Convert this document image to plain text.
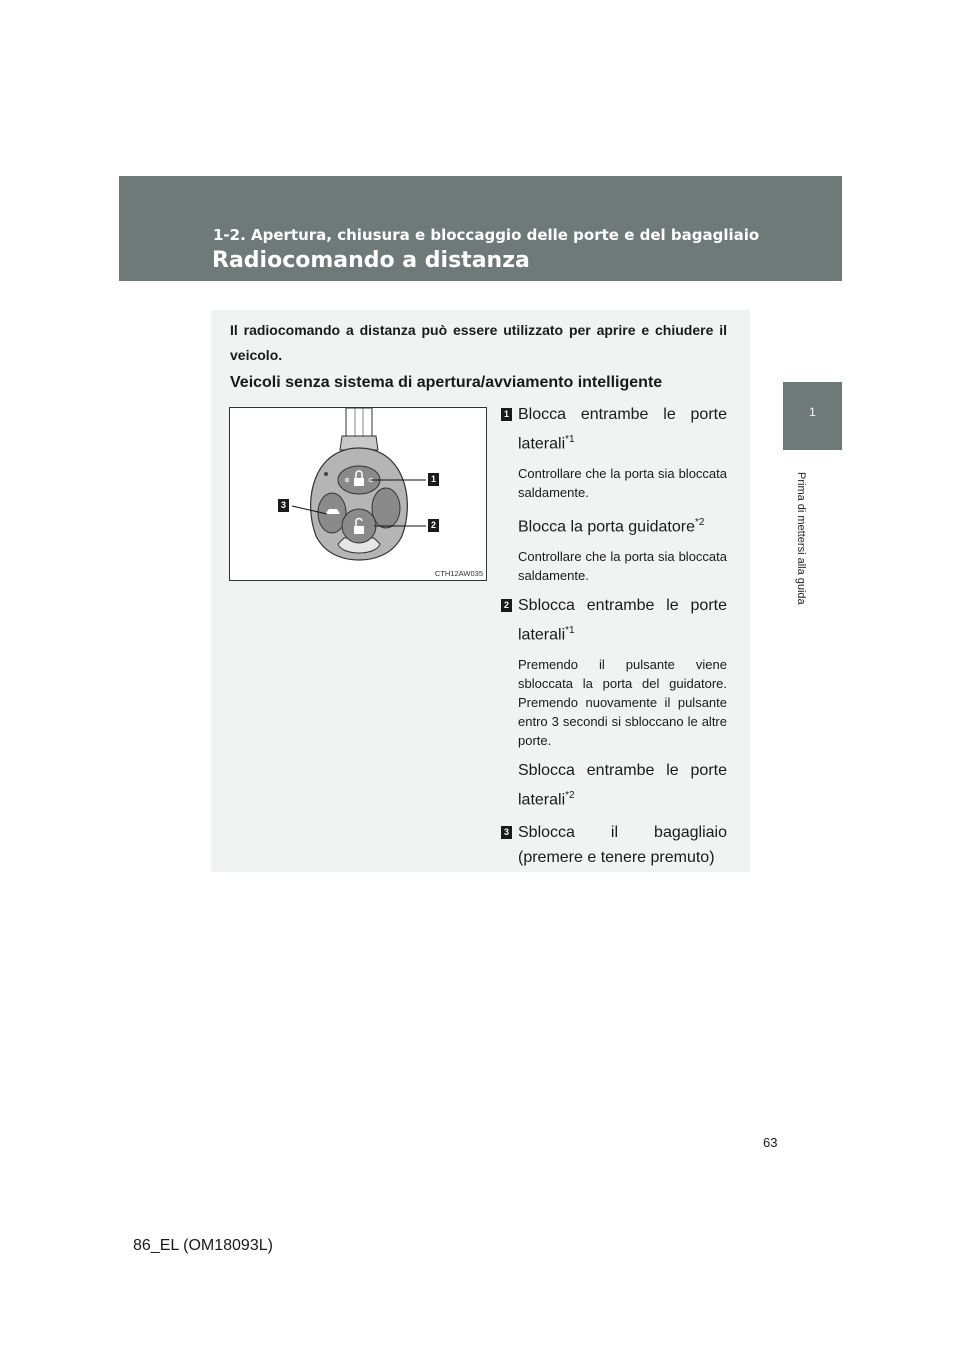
1-2. Apertura, chiusura e bloccaggio delle porte e del bagagliaio
Radiocomando a distanza
1
Prima di mettersi alla guida
Il radiocomando a distanza può essere utilizzato per aprire e chiudere il veicolo.
Veicoli senza sistema di apertura/avviamento intelligente
1
2
3
CTH12AW035
1 Blocca entrambe le porte laterali$^{*1}$
Controllare che la porta sia bloccata saldamente.
Blocca la porta guidatore$^{*2}$
Controllare che la porta sia bloccata saldamente.
2 Sblocca entrambe le porte laterali$^{*1}$
Premendo il pulsante viene sbloccata la porta del guidatore. Premendo nuovamente il pulsante entro 3 secondi si sbloccano le altre porte.
Sblocca entrambe le porte laterali$^{*2}$
3 Sblocca il bagagliaio (premere e tenere premuto)
63
86_EL (OM18093L)
